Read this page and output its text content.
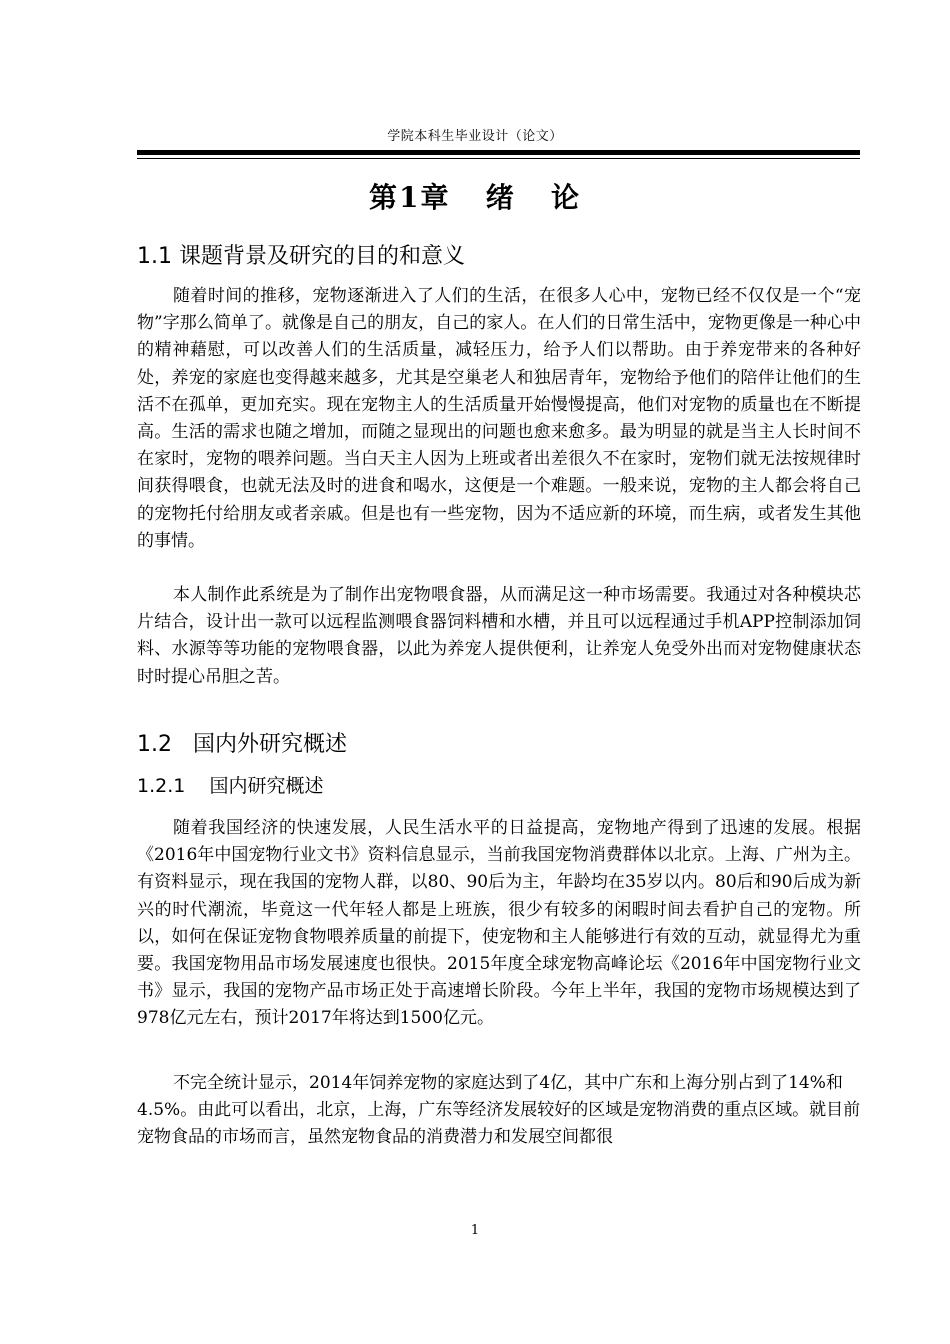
学院本科生毕业设计（论文）
第1章   绪   论
1.1 课题背景及研究的目的和意义

随着时间的推移，宠物逐渐进入了人们的生活，在很多人心中，宠物已经不仅仅是一个“宠物”字那么简单了。就像是自己的朋友，自己的家人。在人们的日常生活中，宠物更像是一种心中的精神藉慰，可以改善人们的生活质量，减轻压力，给予人们以帮助。由于养宠带来的各种好处，养宠的家庭也变得越来越多，尤其是空巢老人和独居青年，宠物给予他们的陪伴让他们的生活不在孤单，更加充实。现在宠物主人的生活质量开始慢慢提高，他们对宠物的质量也在不断提高。生活的需求也随之增加，而随之显现出的问题也愈来愈多。最为明显的就是当主人长时间不在家时，宠物的喂养问题。当白天主人因为上班或者出差很久不在家时，宠物们就无法按规律时间获得喂食，也就无法及时的进食和喝水，这便是一个难题。一般来说，宠物的主人都会将自己的宠物托付给朋友或者亲戚。但是也有一些宠物，因为不适应新的环境，而生病，或者发生其他的事情。

本人制作此系统是为了制作出宠物喂食器，从而满足这一种市场需要。我通过对各种模块芯片结合，设计出一款可以远程监测喂食器饲料槽和水槽，并且可以远程通过手机APP控制添加饲料、水源等等功能的宠物喂食器，以此为养宠人提供便利，让养宠人免受外出而对宠物健康状态时时提心吊胆之苦。

1.2   国内外研究概述
1.2.1    国内研究概述

随着我国经济的快速发展，人民生活水平的日益提高，宠物地产得到了迅速的发展。根据《2016年中国宠物行业文书》资料信息显示，当前我国宠物消费群体以北京。上海、广州为主。有资料显示，现在我国的宠物人群，以80、90后为主，年龄均在35岁以内。80后和90后成为新兴的时代潮流，毕竟这一代年轻人都是上班族，很少有较多的闲暇时间去看护自己的宠物。所以，如何在保证宠物食物喂养质量的前提下，使宠物和主人能够进行有效的互动，就显得尤为重要。我国宠物用品市场发展速度也很快。2015年度全球宠物高峰论坛《2016年中国宠物行业文书》显示，我国的宠物产品市场正处于高速增长阶段。今年上半年，我国的宠物市场规模达到了978亿元左右，预计2017年将达到1500亿元。

不完全统计显示，2014年饲养宠物的家庭达到了4亿，其中广东和上海分别占到了14%和4.5%。由此可以看出，北京，上海，广东等经济发展较好的区域是宠物消费的重点区域。就目前宠物食品的市场而言，虽然宠物食品的消费潜力和发展空间都很

1
